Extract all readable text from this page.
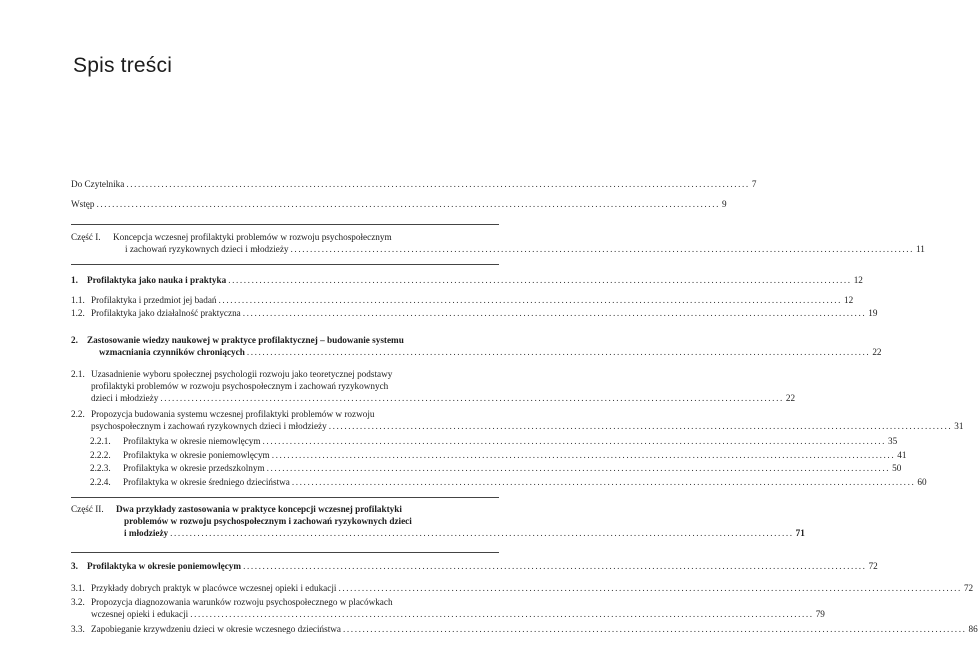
Spis treści
Do Czytelnika ................................................................................................................................................................ 7
Wstęp ................................................................................................................................................................ 9
Część I.	Koncepcja wczesnej profilaktyki problemów w rozwoju psychospołecznym
i zachowań ryzykownych dzieci i młodzieży ................................................................................................................................................................ 11
1. Profilaktyka jako nauka i praktyka ................................................................................................................................................................ 12
1.1. Profilaktyka i przedmiot jej badań ................................................................................................................................................................ 12
1.2. Profilaktyka jako działalność praktyczna ................................................................................................................................................................ 19
2. Zastosowanie wiedzy naukowej w praktyce profilaktycznej – budowanie systemu
wzmacniania czynników chroniących ................................................................................................................................................................ 22
2.1. Uzasadnienie wyboru społecznej psychologii rozwoju jako teoretycznej podstawy
profilaktyki problemów w rozwoju psychospołecznym i zachowań ryzykownych
dzieci i młodzieży ................................................................................................................................................................ 22
2.2. Propozycja budowania systemu wczesnej profilaktyki problemów w rozwoju
psychospołecznym i zachowań ryzykownych dzieci i młodzieży ................................................................................................................................................................ 31
2.2.1.	Profilaktyka w okresie niemowlęcym ................................................................................................................................................................ 35
2.2.2.	Profilaktyka w okresie poniemowlęcym ................................................................................................................................................................ 41
2.2.3.	Profilaktyka w okresie przedszkolnym ................................................................................................................................................................ 50
2.2.4.	Profilaktyka w okresie średniego dzieciństwa ................................................................................................................................................................ 60
Część II.	Dwa przykłady zastosowania w praktyce koncepcji wczesnej profilaktyki
problemów w rozwoju psychospołecznym i zachowań ryzykownych dzieci
i młodzieży ................................................................................................................................................................ 71
3. Profilaktyka w okresie poniemowlęcym ................................................................................................................................................................ 72
3.1. Przykłady dobrych praktyk w placówce wczesnej opieki i edukacji ................................................................................................................................................................ 72
3.2. Propozycja diagnozowania warunków rozwoju psychospołecznego w placówkach
wczesnej opieki i edukacji ................................................................................................................................................................ 79
3.3. Zapobieganie krzywdzeniu dzieci w okresie wczesnego dzieciństwa ................................................................................................................................................................ 86
